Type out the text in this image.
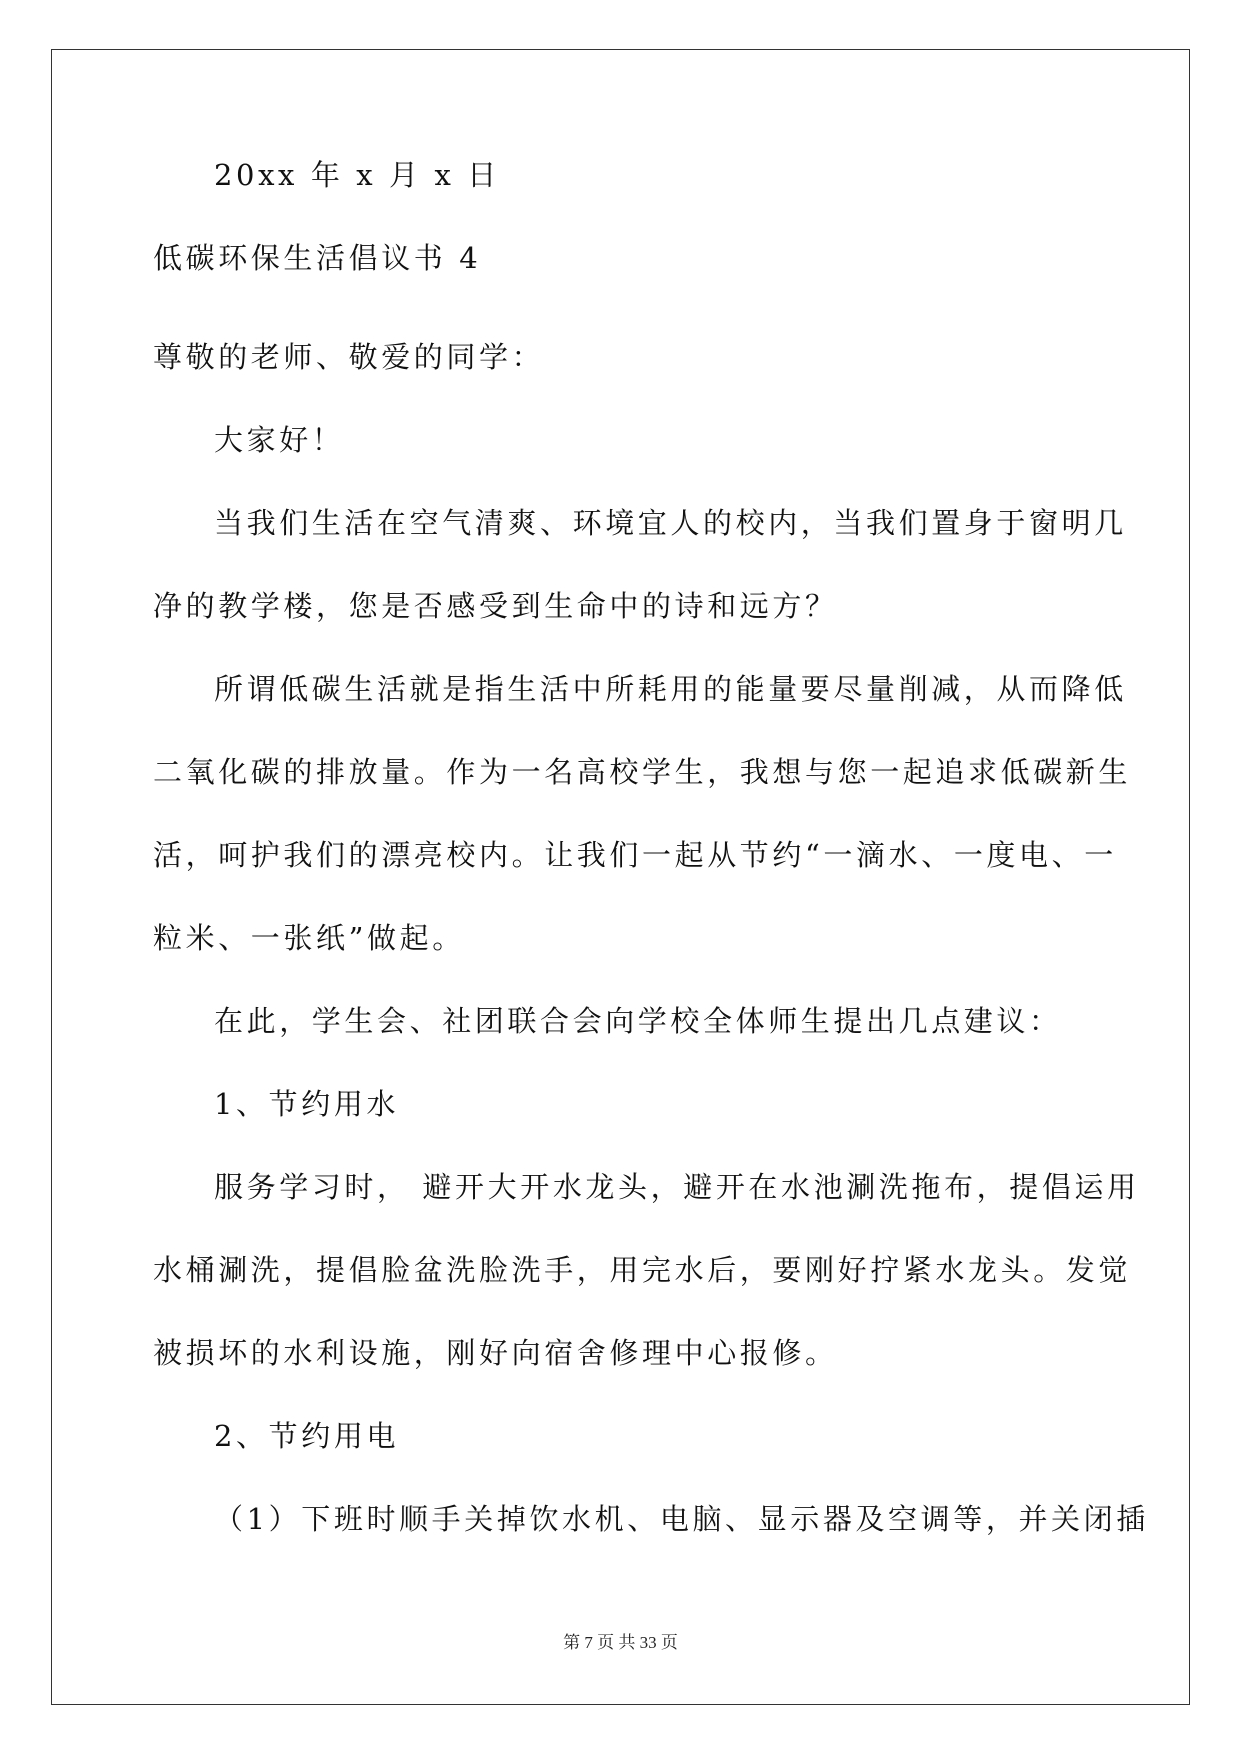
20xx 年 x 月 x 日
低碳环保生活倡议书 4
尊敬的老师、敬爱的同学：
大家好！
当我们生活在空气清爽、环境宜人的校内，当我们置身于窗明几
净的教学楼，您是否感受到生命中的诗和远方？
所谓低碳生活就是指生活中所耗用的能量要尽量削减，从而降低
二氧化碳的排放量。作为一名高校学生，我想与您一起追求低碳新生
活，呵护我们的漂亮校内。让我们一起从节约“一滴水、一度电、一
粒米、一张纸”做起。
在此，学生会、社团联合会向学校全体师生提出几点建议：
1、节约用水
服务学习时， 避开大开水龙头，避开在水池涮洗拖布，提倡运用
水桶涮洗，提倡脸盆洗脸洗手，用完水后，要刚好拧紧水龙头。发觉
被损坏的水利设施，刚好向宿舍修理中心报修。
2、节约用电
（1）下班时顺手关掉饮水机、电脑、显示器及空调等，并关闭插
第 7 页 共 33 页
